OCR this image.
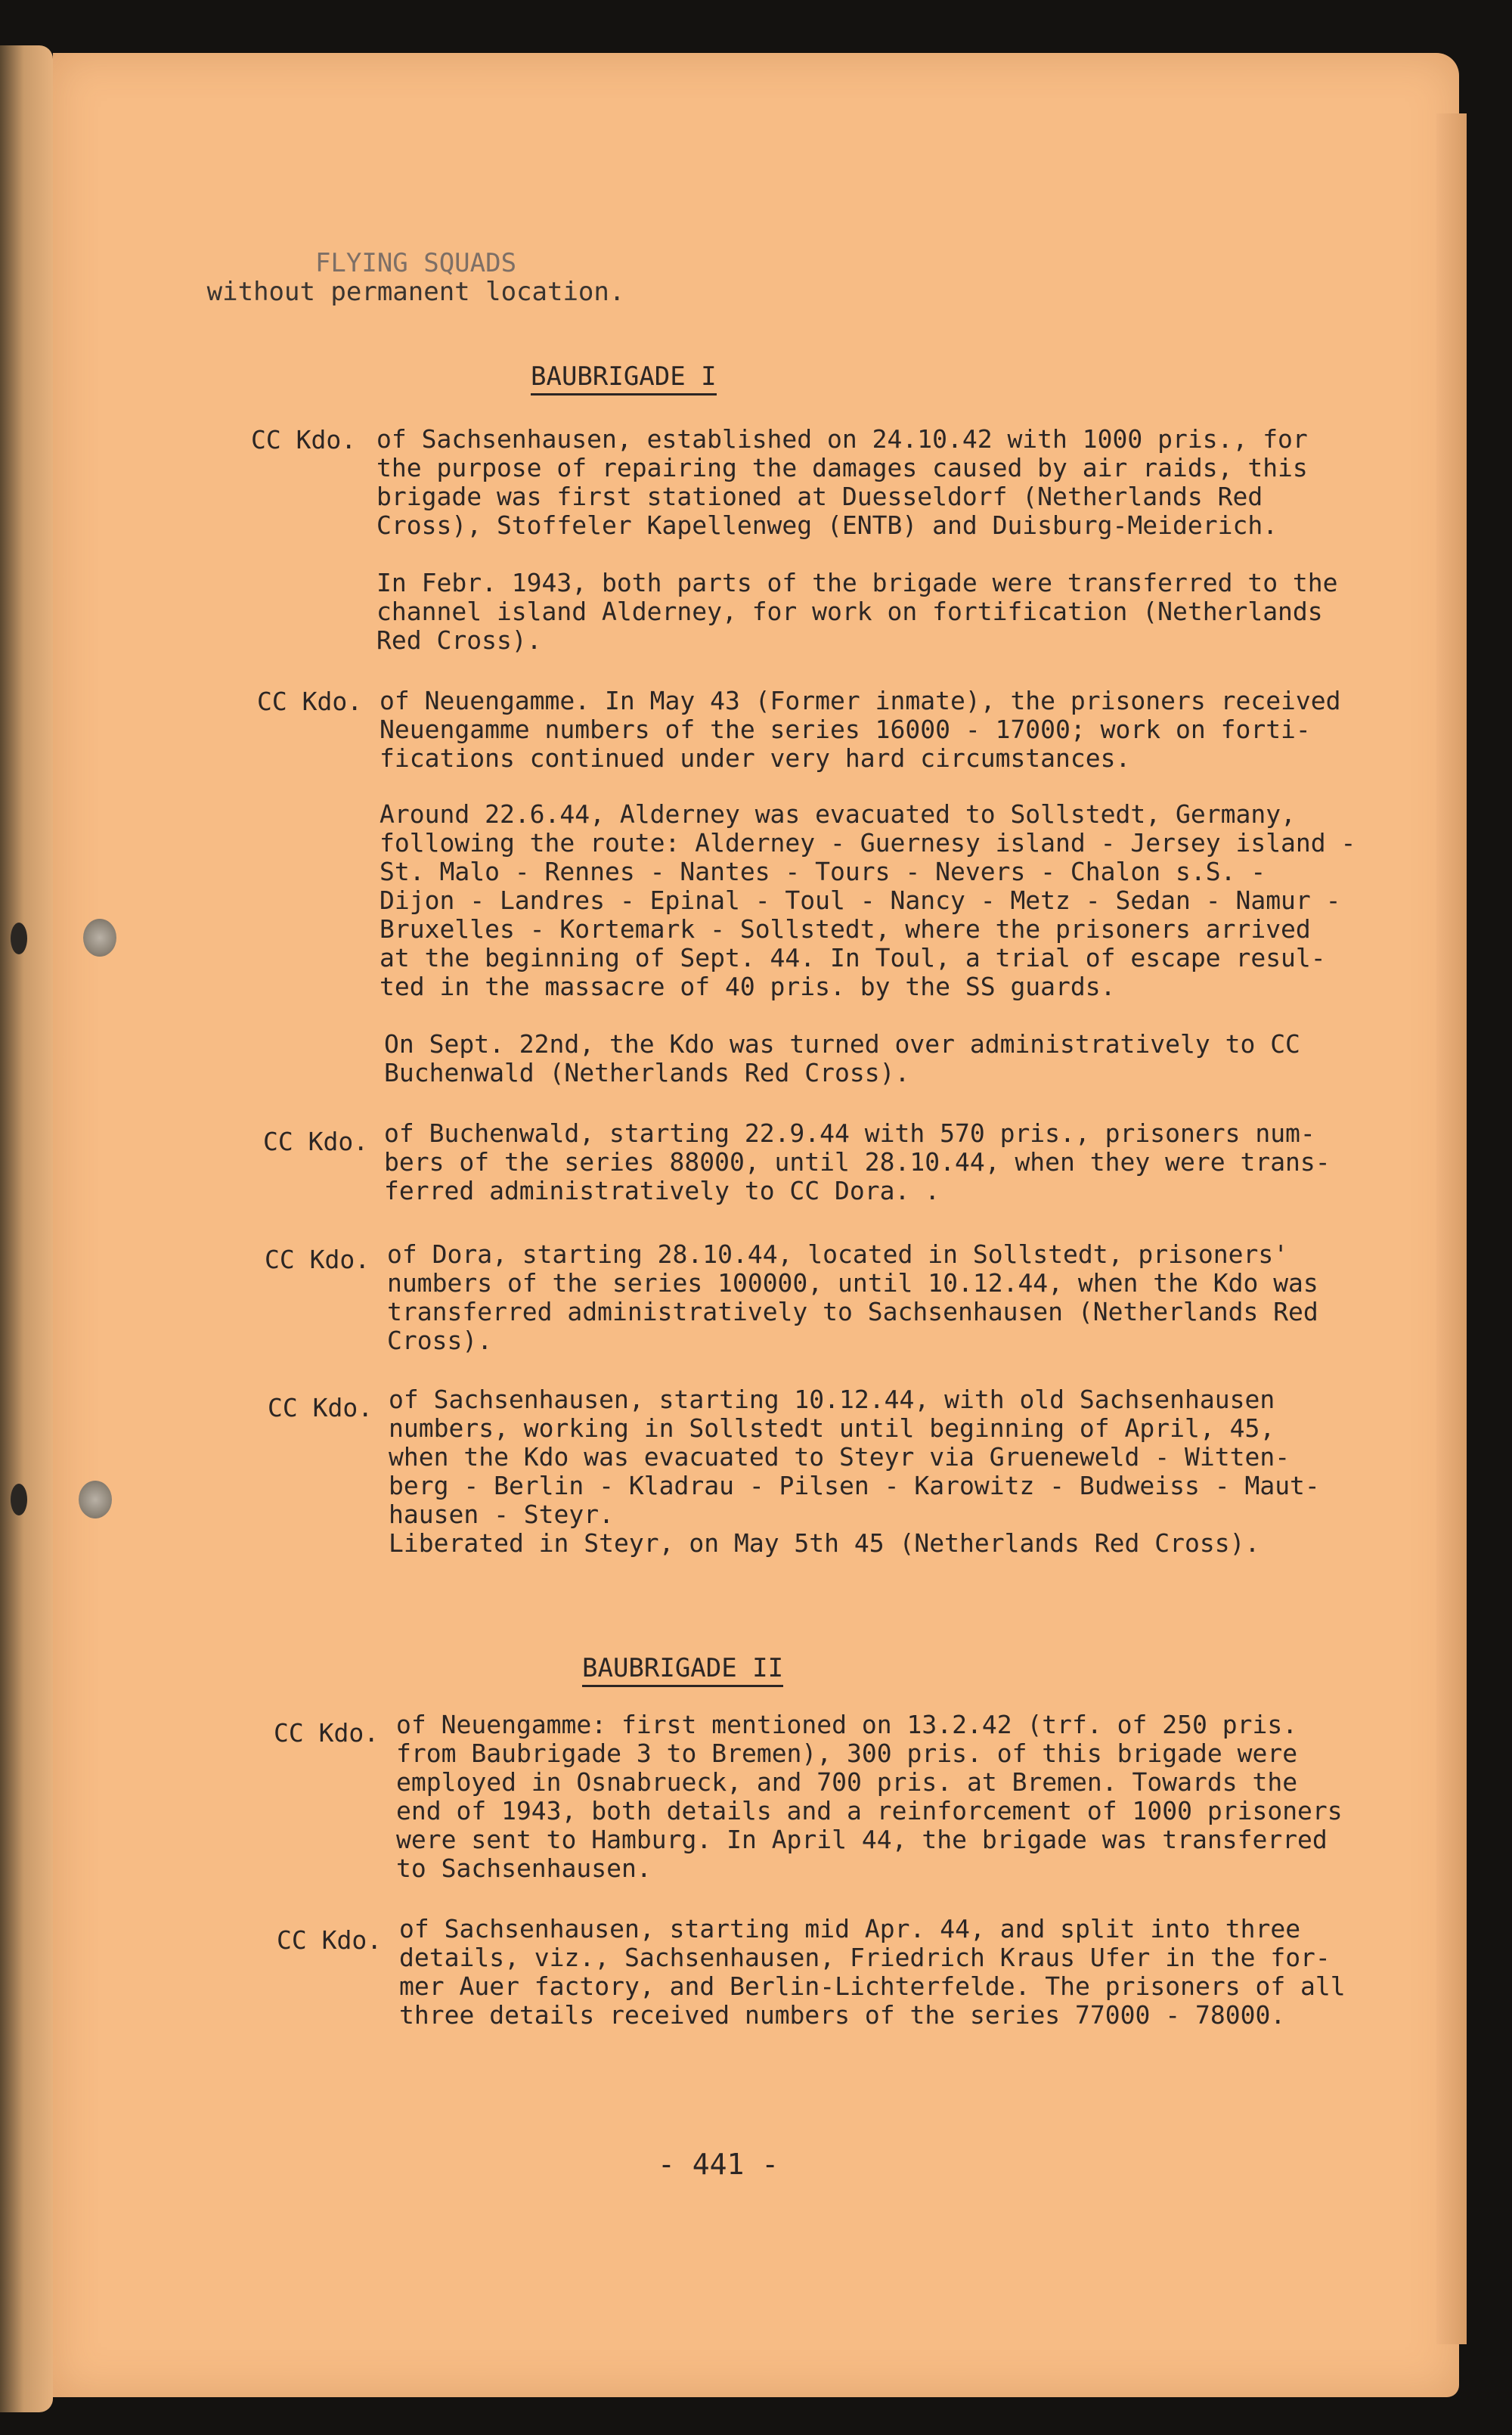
FLYING SQUADS
without permanent location.
BAUBRIGADE I
CC Kdo. of Sachsenhausen, established on 24.10.42 with 1000 pris., for
the purpose of repairing the damages caused by air raids, this
brigade was first stationed at Duesseldorf (Netherlands Red
Cross), Stoffeler Kapellenweg (ENTB) and Duisburg-Meiderich.
In Febr. 1943, both parts of the brigade were transferred to the
channel island Alderney, for work on fortification (Netherlands
Red Cross).
CC Kdo. of Neuengamme. In May 43 (Former inmate), the prisoners received
Neuengamme numbers of the series 16000 - 17000; work on forti-
fications continued under very hard circumstances.
Around 22.6.44, Alderney was evacuated to Sollstedt, Germany,
following the route: Alderney - Guernesy island - Jersey island -
St. Malo - Rennes - Nantes - Tours - Nevers - Chalon s.S. -
Dijon - Landres - Epinal - Toul - Nancy - Metz - Sedan - Namur -
Bruxelles - Kortemark - Sollstedt, where the prisoners arrived
at the beginning of Sept. 44. In Toul, a trial of escape resul-
ted in the massacre of 40 pris. by the SS guards.
On Sept. 22nd, the Kdo was turned over administratively to CC
Buchenwald (Netherlands Red Cross).
CC Kdo. of Buchenwald, starting 22.9.44 with 570 pris., prisoners num-
bers of the series 88000, until 28.10.44, when they were trans-
ferred administratively to CC Dora. .
CC Kdo. of Dora, starting 28.10.44, located in Sollstedt, prisoners'
numbers of the series 100000, until 10.12.44, when the Kdo was
transferred administratively to Sachsenhausen (Netherlands Red
Cross).
CC Kdo. of Sachsenhausen, starting 10.12.44, with old Sachsenhausen
numbers, working in Sollstedt until beginning of April, 45,
when the Kdo was evacuated to Steyr via Grueneweld - Witten-
berg - Berlin - Kladrau - Pilsen - Karowitz - Budweiss - Maut-
hausen - Steyr.
Liberated in Steyr, on May 5th 45 (Netherlands Red Cross).
BAUBRIGADE II
CC Kdo. of Neuengamme: first mentioned on 13.2.42 (trf. of 250 pris.
from Baubrigade 3 to Bremen), 300 pris. of this brigade were
employed in Osnabrueck, and 700 pris. at Bremen. Towards the
end of 1943, both details and a reinforcement of 1000 prisoners
were sent to Hamburg. In April 44, the brigade was transferred
to Sachsenhausen.
CC Kdo. of Sachsenhausen, starting mid Apr. 44, and split into three
details, viz., Sachsenhausen, Friedrich Kraus Ufer in the for-
mer Auer factory, and Berlin-Lichterfelde. The prisoners of all
three details received numbers of the series 77000 - 78000.
- 441 -
